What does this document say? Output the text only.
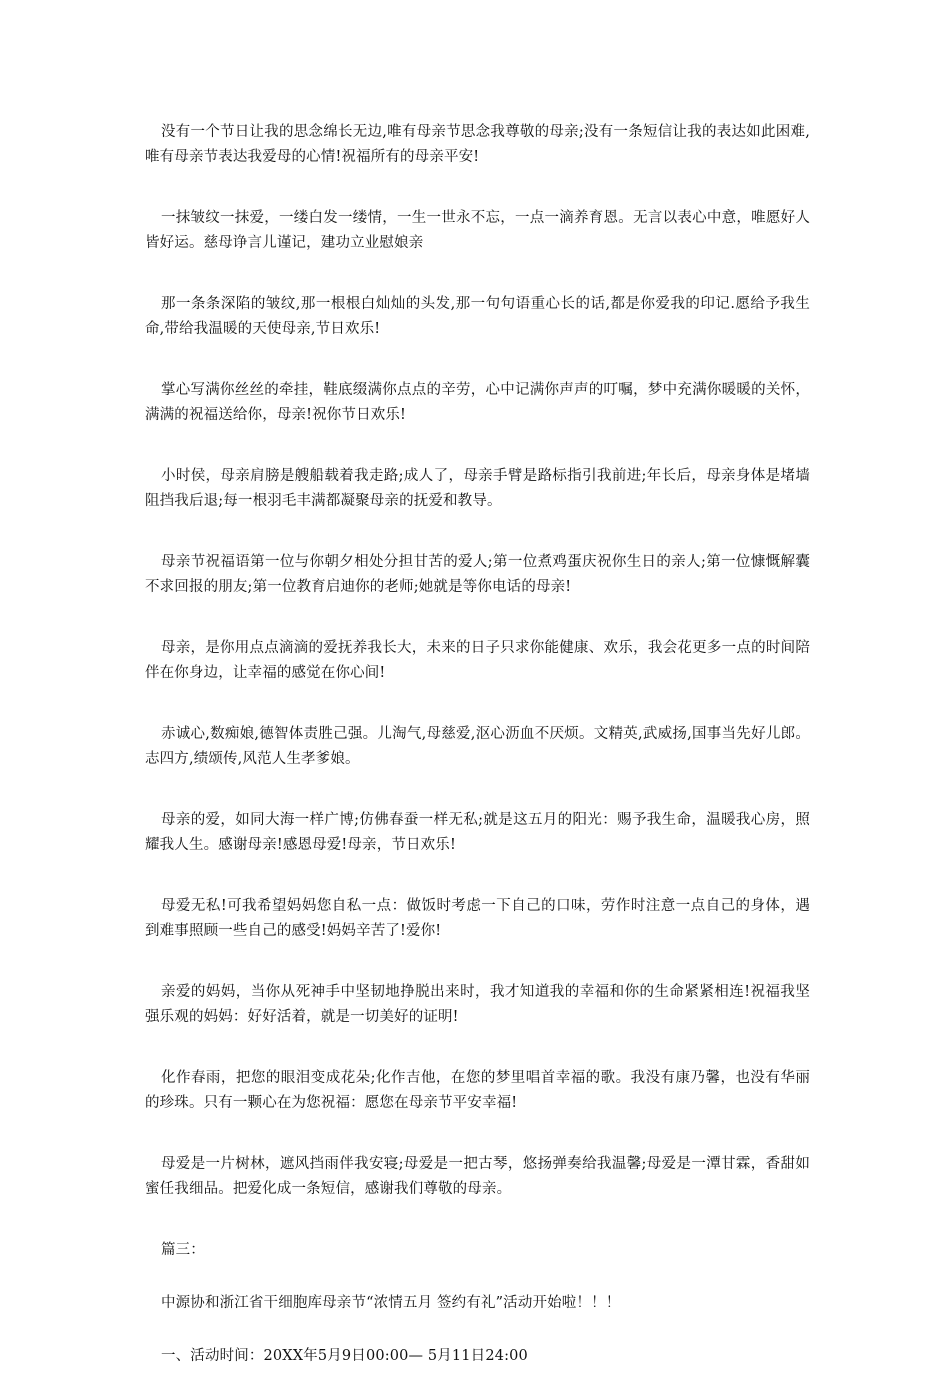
没有一个节日让我的思念绵长无边,唯有母亲节思念我尊敬的母亲;没有一条短信让我的表达如此困难,唯有母亲节表达我爱母的心情!祝福所有的母亲平安!

一抹皱纹一抹爱，一缕白发一缕情，一生一世永不忘，一点一滴养育恩。无言以表心中意，唯愿好人皆好运。慈母诤言儿谨记，建功立业慰娘亲

那一条条深陷的皱纹,那一根根白灿灿的头发,那一句句语重心长的话,都是你爱我的印记.愿给予我生命,带给我温暖的天使母亲,节日欢乐!

掌心写满你丝丝的牵挂，鞋底缀满你点点的辛劳，心中记满你声声的叮嘱，梦中充满你暖暖的关怀，满满的祝福送给你，母亲!祝你节日欢乐!

小时侯，母亲肩膀是艘船载着我走路;成人了，母亲手臂是路标指引我前进;年长后，母亲身体是堵墙阻挡我后退;每一根羽毛丰满都凝聚母亲的抚爱和教导。

母亲节祝福语第一位与你朝夕相处分担甘苦的爱人;第一位煮鸡蛋庆祝你生日的亲人;第一位慷慨解囊不求回报的朋友;第一位教育启迪你的老师;她就是等你电话的母亲!

母亲，是你用点点滴滴的爱抚养我长大，未来的日子只求你能健康、欢乐，我会花更多一点的时间陪伴在你身边，让幸福的感觉在你心间!

赤诚心,数痴娘,德智体责胜己强。儿淘气,母慈爱,沤心沥血不厌烦。文精英,武威扬,国事当先好儿郎。志四方,绩颂传,风范人生孝爹娘。

母亲的爱，如同大海一样广博;仿佛春蚕一样无私;就是这五月的阳光：赐予我生命，温暖我心房，照耀我人生。感谢母亲!感恩母爱!母亲，节日欢乐!

母爱无私!可我希望妈妈您自私一点：做饭时考虑一下自己的口味，劳作时注意一点自己的身体，遇到难事照顾一些自己的感受!妈妈辛苦了!爱你!

亲爱的妈妈，当你从死神手中坚韧地挣脱出来时，我才知道我的幸福和你的生命紧紧相连!祝福我坚强乐观的妈妈：好好活着，就是一切美好的证明!

化作春雨，把您的眼泪变成花朵;化作吉他，在您的梦里唱首幸福的歌。我没有康乃馨，也没有华丽的珍珠。只有一颗心在为您祝福：愿您在母亲节平安幸福!

母爱是一片树林，遮风挡雨伴我安寝;母爱是一把古琴，悠扬弹奏给我温馨;母爱是一潭甘霖，香甜如蜜任我细品。把爱化成一条短信，感谢我们尊敬的母亲。

篇三：

中源协和浙江省干细胞库母亲节“浓情五月 签约有礼”活动开始啦！！！

一、活动时间：20XX年5月9日00:00— 5月11日24:00
